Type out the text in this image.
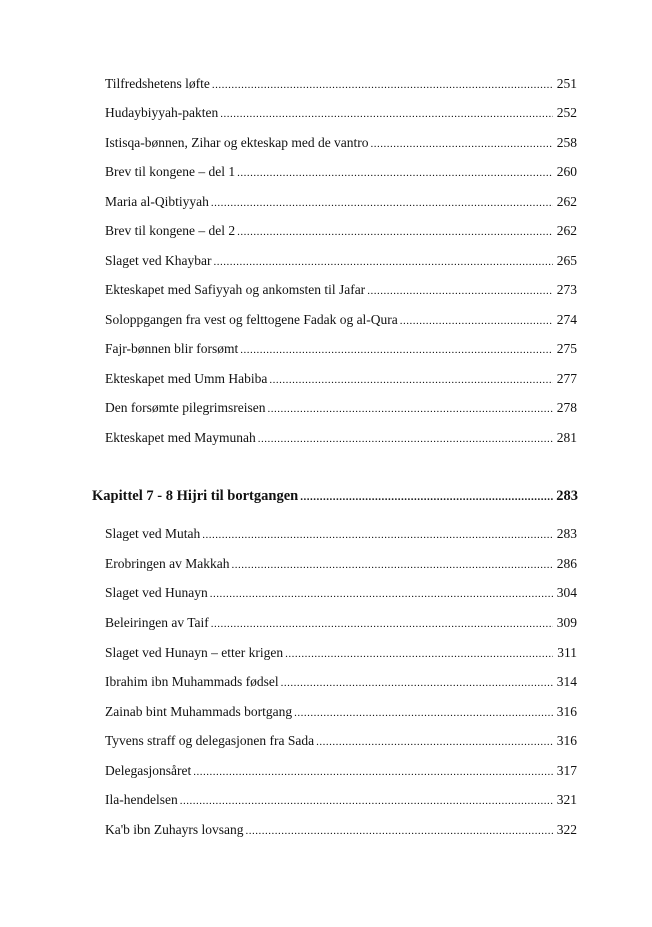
Tilfredshetens løfte .....	251
Hudaybiyyah-pakten .....	252
Istisqa-bønnen, Zihar og ekteskap med de vantro .....	258
Brev til kongene – del 1 .....	260
Maria al-Qibtiyyah .....	262
Brev til kongene – del 2 .....	262
Slaget ved Khaybar .....	265
Ekteskapet med Safiyyah og ankomsten til Jafar .....	273
Soloppgangen fra vest og felttogene Fadak og al-Qura .....	274
Fajr-bønnen blir forsømt .....	275
Ekteskapet med Umm Habiba .....	277
Den forsømte pilegrimsreisen .....	278
Ekteskapet med Maymunah .....	281
Kapittel 7 - 8 Hijri til bortgangen .....	283
Slaget ved Mutah .....	283
Erobringen av Makkah .....	286
Slaget ved Hunayn .....	304
Beleiringen av Taif .....	309
Slaget ved Hunayn – etter krigen .....	311
Ibrahim ibn Muhammads fødsel .....	314
Zainab bint Muhammads bortgang .....	316
Tyvens straff og delegasjonen fra Sada .....	316
Delegasjonsåret .....	317
Ila-hendelsen .....	321
Ka'b ibn Zuhayrs lovsang .....	322
